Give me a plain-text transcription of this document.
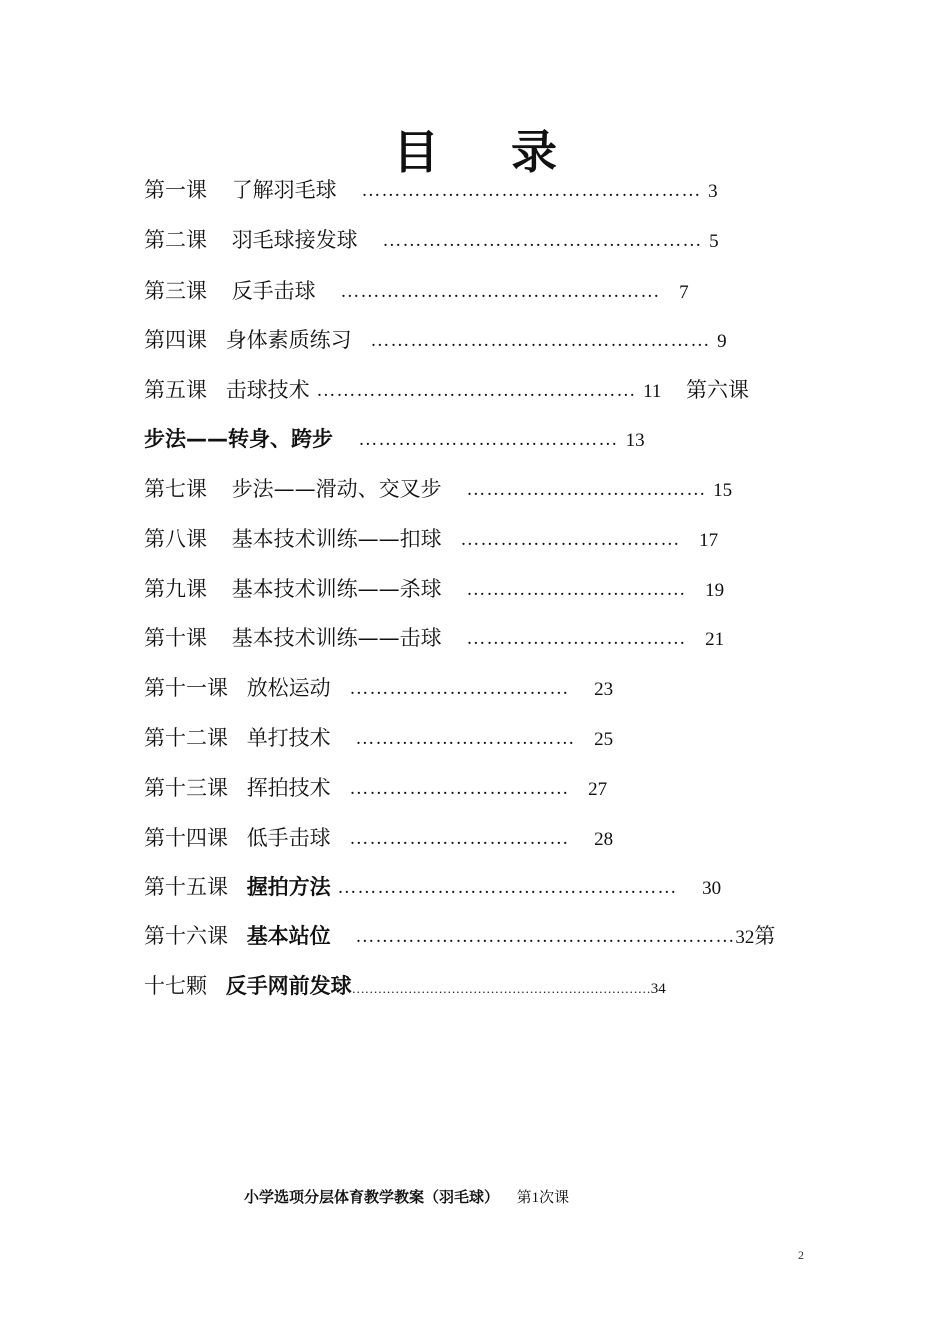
目 录
第一课 了解羽毛球 …………………………………………… 3
第二课 羽毛球接发球 ………………………………………… 5
第三课 反手击球 ………………………………………… 7
第四课 身体素质练习 …………………………………………… 9
第五课 击球技术 ………………………………………… 11 第六课
步法——转身、跨步 ………………………………… 13
第七课 步法——滑动、交叉步 ……………………………… 15
第八课 基本技术训练——扣球 …………………………… 17
第九课 基本技术训练——杀球 …………………………… 19
第十课 基本技术训练——击球 …………………………… 21
第十一课 放松运动 …………………………… 23
第十二课 单打技术 …………………………… 25
第十三课 挥拍技术 …………………………… 27
第十四课 低手击球 …………………………… 28
第十五课 握拍方法 …………………………………………… 30
第十六课 基本站位 …………………………………………………32第
十七颗 反手网前发球……………………………………………………………34
小学选项分层体育教学教案（羽毛球） 第1次课
2
